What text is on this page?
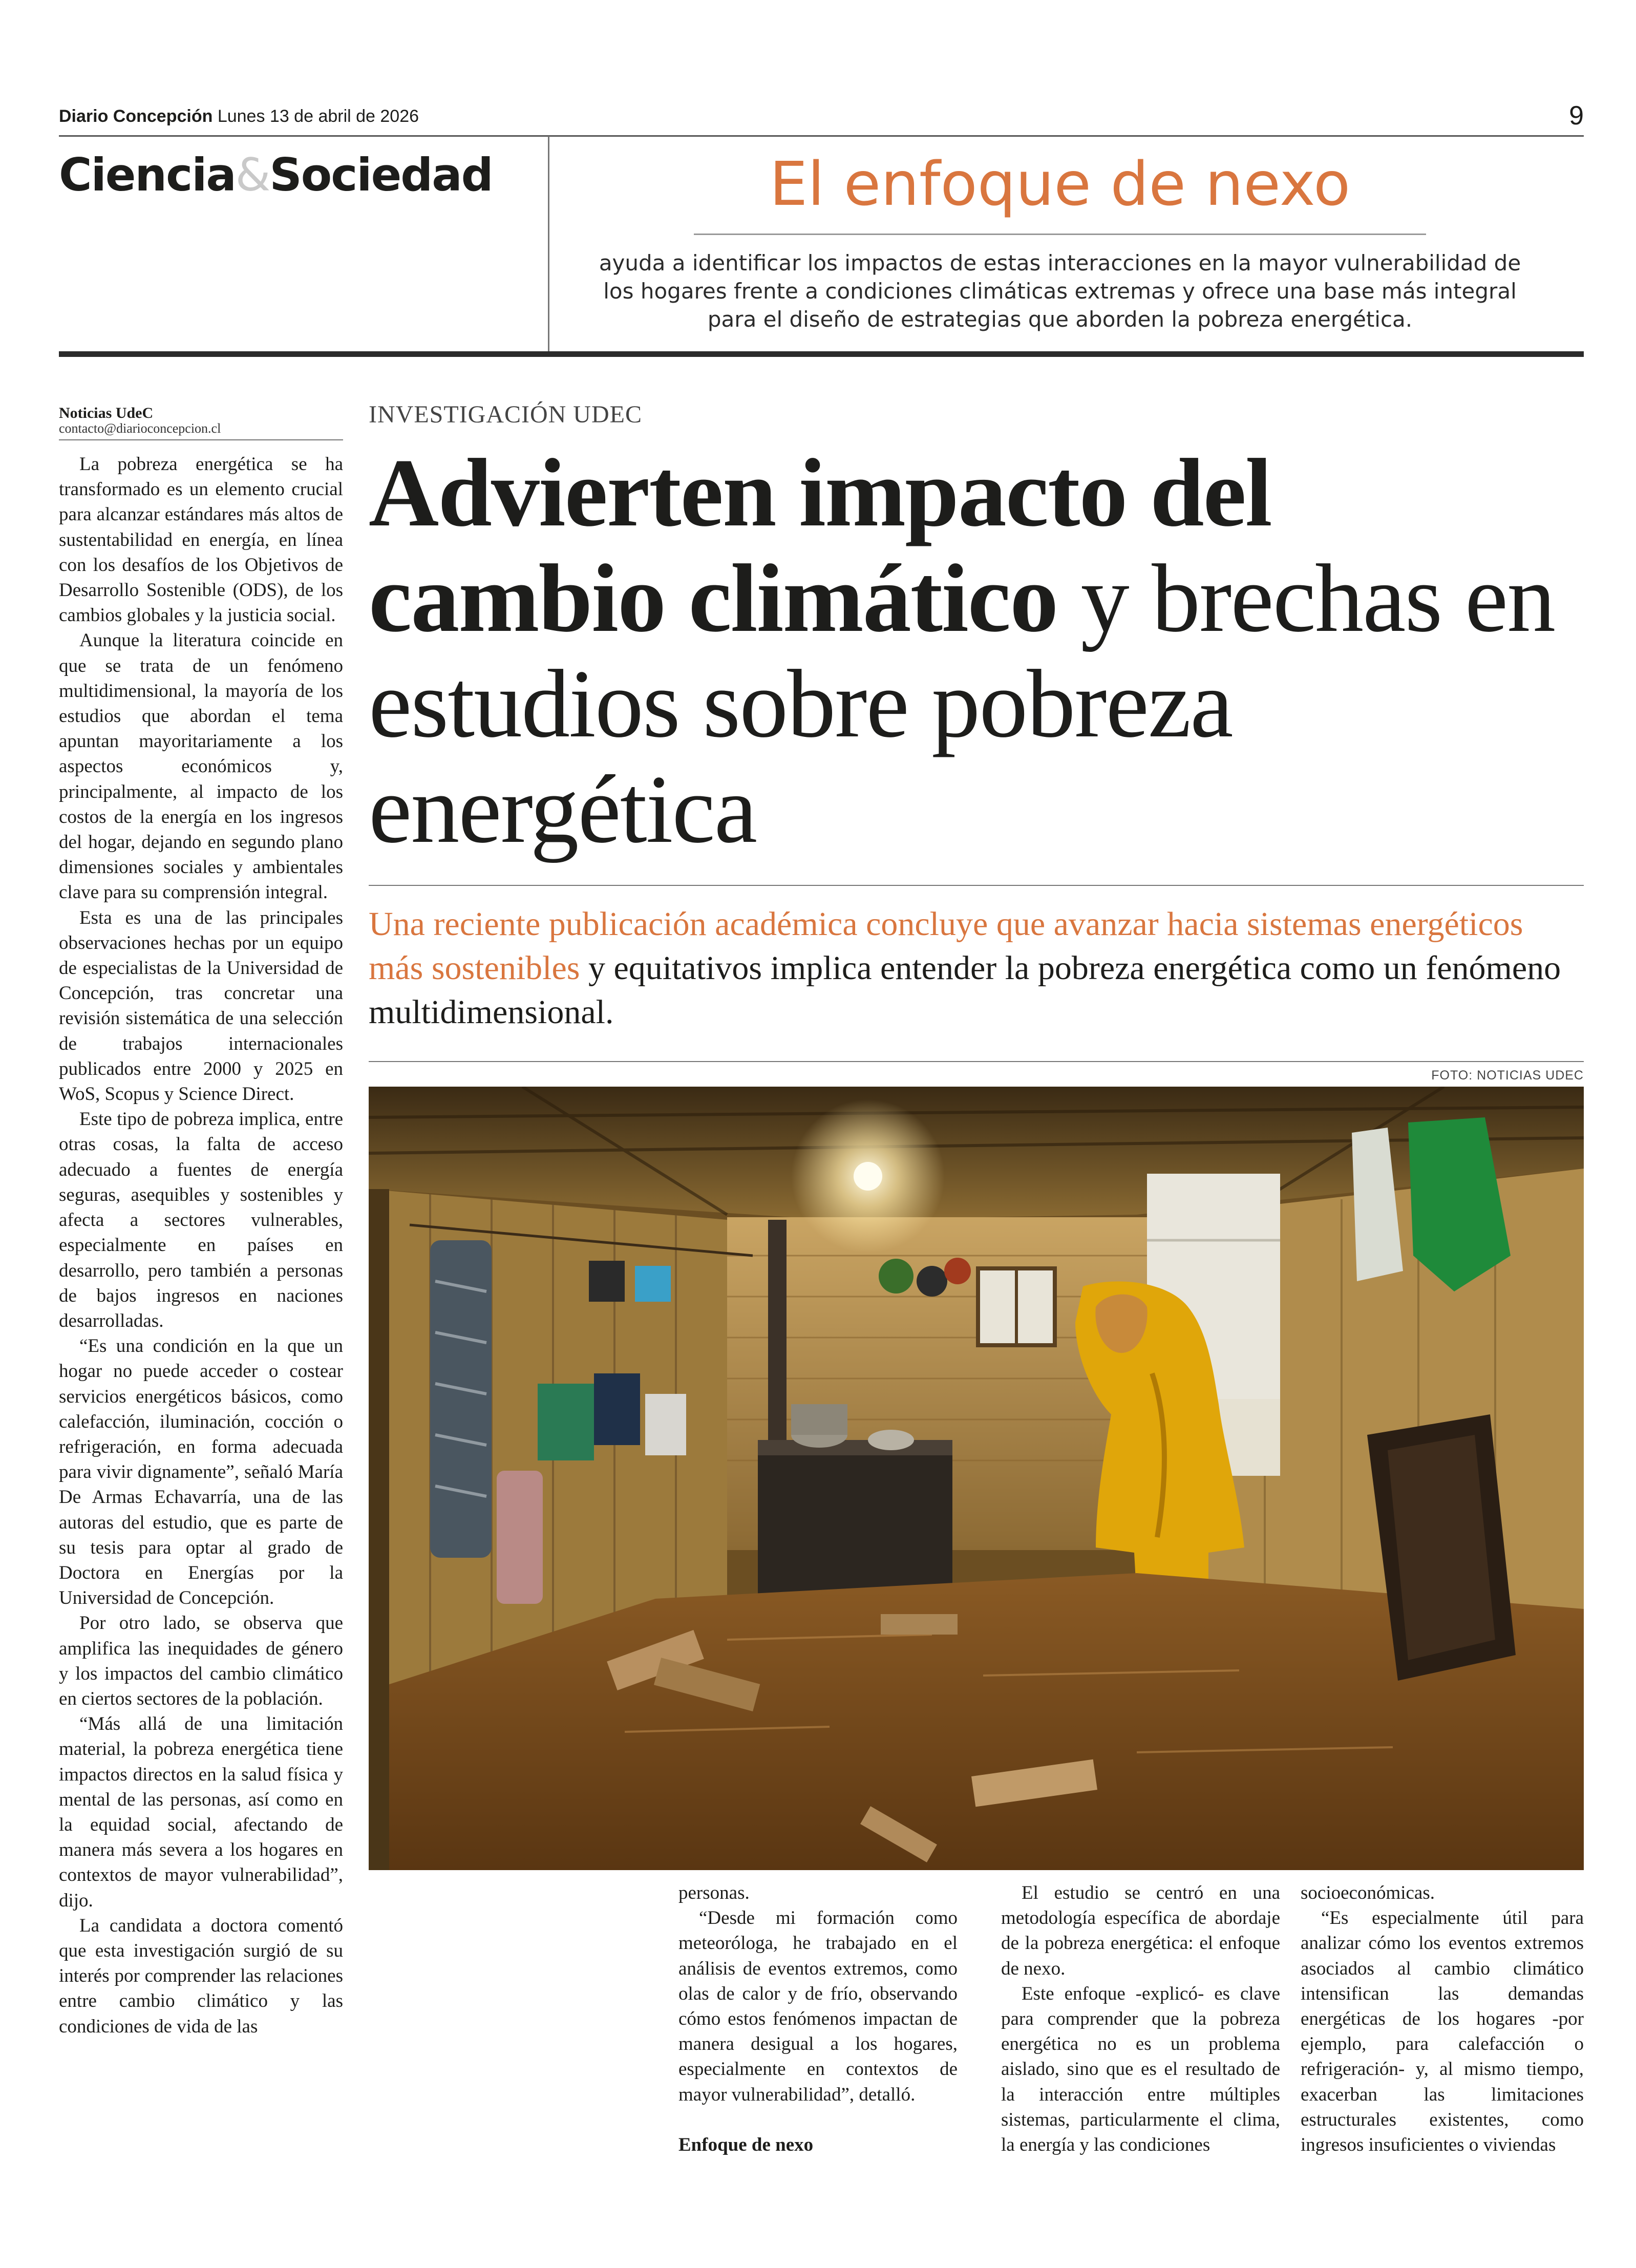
Diario Concepción Lunes 13 de abril de 2026	9
Ciencia&Sociedad	El enfoque de nexo
ayuda a identificar los impactos de estas interacciones en la mayor vulnerabilidad de los hogares frente a condiciones climáticas extremas y ofrece una base más integral para el diseño de estrategias que aborden la pobreza energética.
Noticias UdeC
contacto@diarioconcepcion.cl

La pobreza energética se ha transformado es un elemento crucial para alcanzar estándares más altos de sustentabilidad en energía, en línea con los desafíos de los Objetivos de Desarrollo Sostenible (ODS), de los cambios globales y la justicia social.

Aunque la literatura coincide en que se trata de un fenómeno multidimensional, la mayoría de los estudios que abordan el tema apuntan mayoritariamente a los aspectos económicos y, principalmente, al impacto de los costos de la energía en los ingresos del hogar, dejando en segundo plano dimensiones sociales y ambientales clave para su comprensión integral.

Esta es una de las principales observaciones hechas por un equipo de especialistas de la Universidad de Concepción, tras concretar una revisión sistemática de una selección de trabajos internacionales publicados entre 2000 y 2025 en WoS, Scopus y Science Direct.

Este tipo de pobreza implica, entre otras cosas, la falta de acceso adecuado a fuentes de energía seguras, asequibles y sostenibles y afecta a sectores vulnerables, especialmente en países en desarrollo, pero también a personas de bajos ingresos en naciones desarrolladas.

“Es una condición en la que un hogar no puede acceder o costear servicios energéticos básicos, como calefacción, iluminación, cocción o refrigeración, en forma adecuada para vivir dignamente”, señaló María De Armas Echavarría, una de las autoras del estudio, que es parte de su tesis para optar al grado de Doctora en Energías por la Universidad de Concepción.

Por otro lado, se observa que amplifica las inequidades de género y los impactos del cambio climático en ciertos sectores de la población.

“Más allá de una limitación material, la pobreza energética tiene impactos directos en la salud física y mental de las personas, así como en la equidad social, afectando de manera más severa a los hogares en contextos de mayor vulnerabilidad”, dijo.

La candidata a doctora comentó que esta investigación surgió de su interés por comprender las relaciones entre cambio climático y las condiciones de vida de las

INVESTIGACIÓN UDEC
Advierten impacto del cambio climático y brechas en estudios sobre pobreza energética
Una reciente publicación académica concluye que avanzar hacia sistemas energéticos más sostenibles y equitativos implica entender la pobreza energética como un fenómeno multidimensional.
FOTO: NOTICIAS UDEC

personas.

“Desde mi formación como meteoróloga, he trabajado en el análisis de eventos extremos, como olas de calor y de frío, observando cómo estos fenómenos impactan de manera desigual a los hogares, especialmente en contextos de mayor vulnerabilidad”, detalló.

Enfoque de nexo

El estudio se centró en una metodología específica de abordaje de la pobreza energética: el enfoque de nexo.

Este enfoque -explicó- es clave para comprender que la pobreza energética no es un problema aislado, sino que es el resultado de la interacción entre múltiples sistemas, particularmente el clima, la energía y las condiciones

socioeconómicas.

“Es especialmente útil para analizar cómo los eventos extremos asociados al cambio climático intensifican las demandas energéticas de los hogares -por ejemplo, para calefacción o refrigeración- y, al mismo tiempo, exacerban las limitaciones estructurales existentes, como ingresos insuficientes o viviendas
